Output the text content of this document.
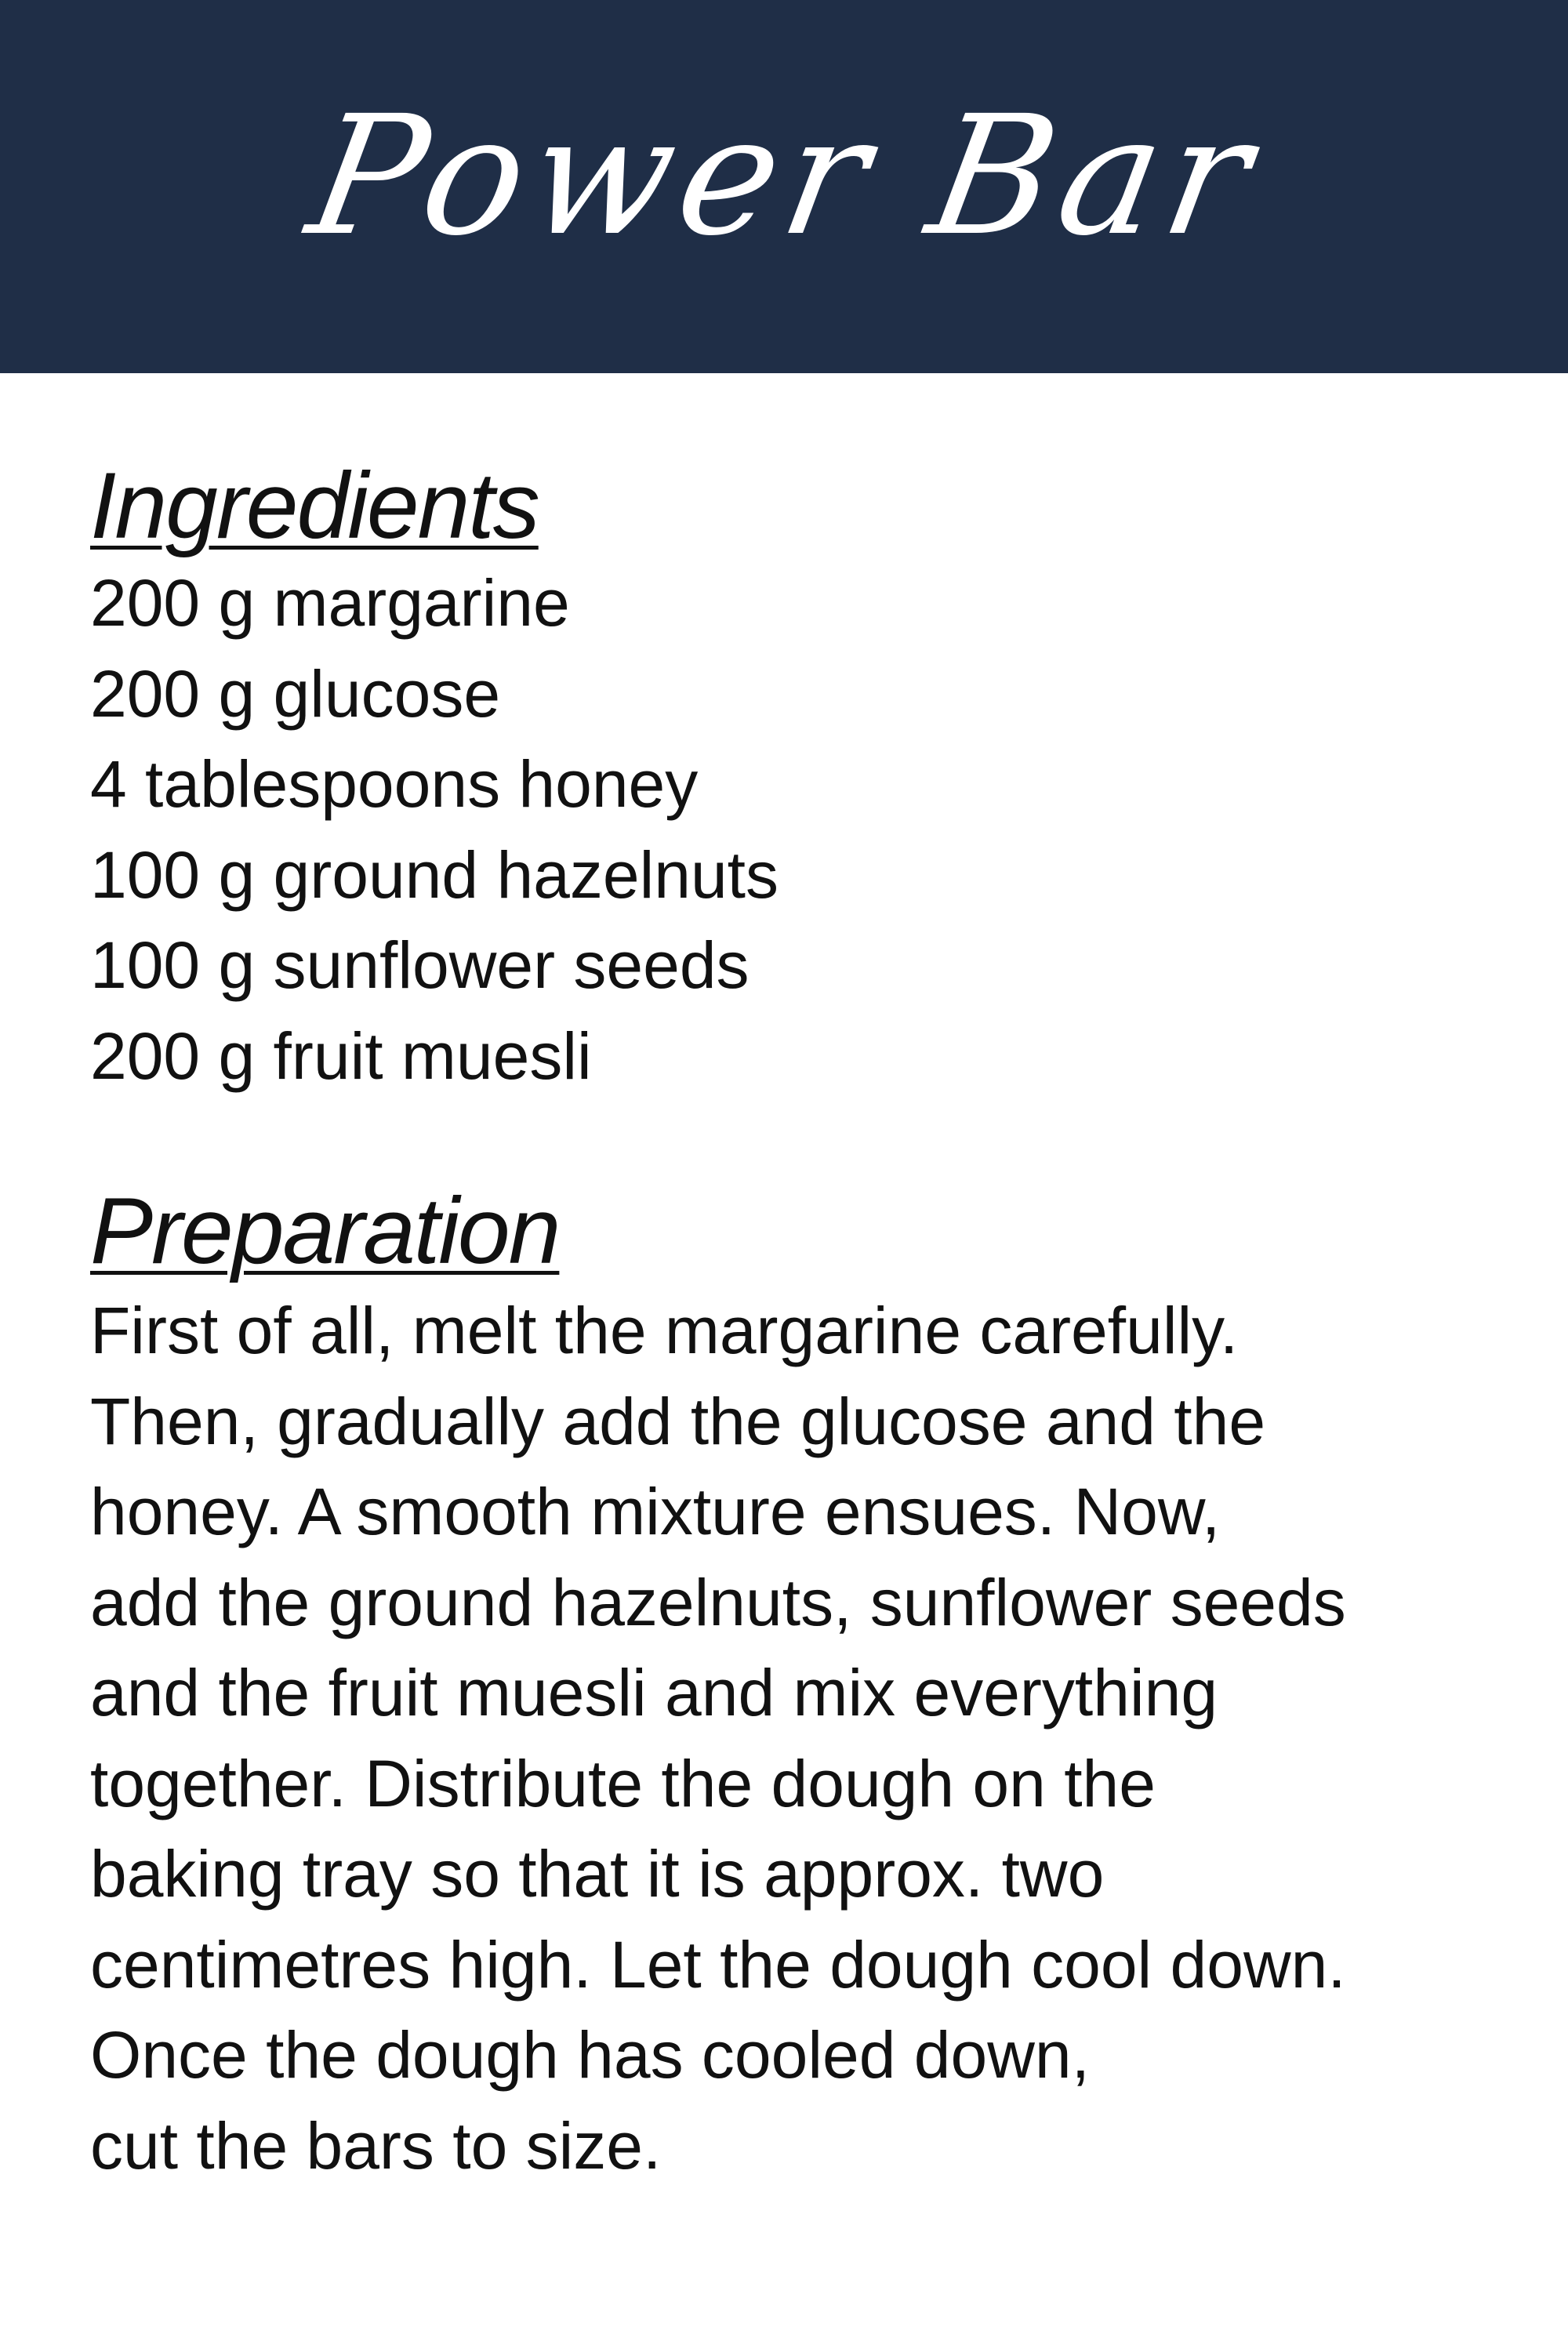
Power Bar
Ingredients
200 g margarine
200 g glucose
4 tablespoons honey
100 g ground hazelnuts
100 g sunflower seeds
200 g fruit muesli
Preparation
First of all, melt the margarine carefully.
Then, gradually add the glucose and the
honey. A smooth mixture ensues. Now,
add the ground hazelnuts, sunflower seeds
and the fruit muesli and mix everything
together. Distribute the dough on the
baking tray so that it is approx. two
centimetres high. Let the dough cool down.
Once the dough has cooled down,
cut the bars to size.
